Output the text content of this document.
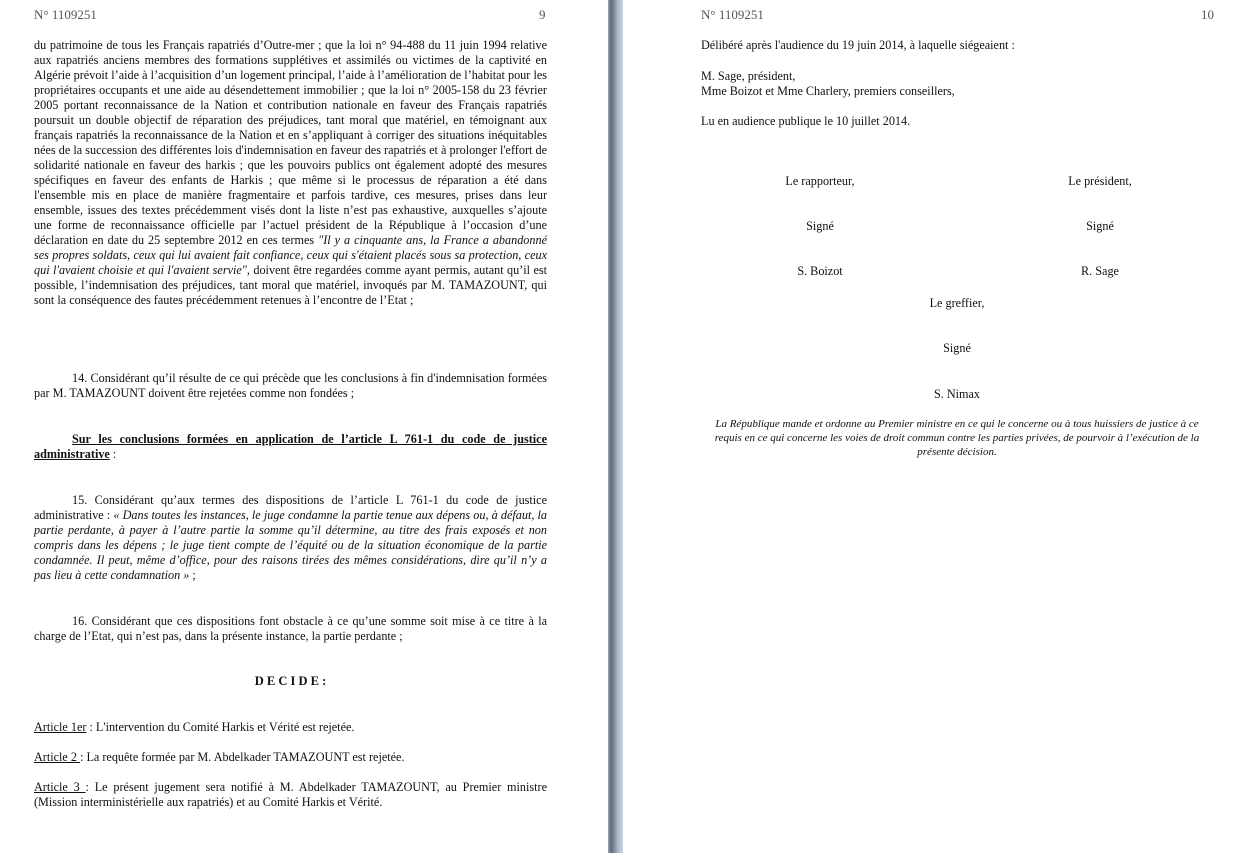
N° 1109251	9
du patrimoine de tous les Français rapatriés d’Outre-mer ; que la loi n° 94-488 du 11 juin 1994 relative aux rapatriés anciens membres des formations supplétives et assimilés ou victimes de la captivité en Algérie prévoit l’aide à l’acquisition d’un logement principal, l’aide à l’amélioration de l’habitat pour les propriétaires occupants et une aide au désendettement immobilier ; que la loi n° 2005-158 du 23 février 2005 portant reconnaissance de la Nation et contribution nationale en faveur des Français rapatriés poursuit un double objectif de réparation des préjudices, tant moral que matériel, en témoignant aux français rapatriés la reconnaissance de la Nation et en s’appliquant à corriger des situations inéquitables nées de la succession des différentes lois d'indemnisation en faveur des rapatriés et à prolonger l'effort de solidarité nationale en faveur des harkis ; que les pouvoirs publics ont également adopté des mesures spécifiques en faveur des enfants de Harkis ; que même si le processus de réparation a été dans l'ensemble mis en place de manière fragmentaire et parfois tardive, ces mesures, prises dans leur ensemble, issues des textes précédemment visés dont la liste n’est pas exhaustive, auxquelles s’ajoute une forme de reconnaissance officielle par l’actuel président de la République à l’occasion d’une déclaration en date du 25 septembre 2012 en ces termes "Il y a cinquante ans, la France a abandonné ses propres soldats, ceux qui lui avaient fait confiance, ceux qui s'étaient placés sous sa protection, ceux qui l'avaient choisie et qui l'avaient servie", doivent être regardées comme ayant permis, autant qu’il est possible, l’indemnisation des préjudices, tant moral que matériel, invoqués par M. TAMAZOUNT, qui sont la conséquence des fautes précédemment retenues à l’encontre de l’Etat ;
14. Considérant qu’il résulte de ce qui précède que les conclusions à fin d'indemnisation formées par M. TAMAZOUNT doivent être rejetées comme non fondées ;
Sur les conclusions formées en application de l’article L 761-1 du code de justice administrative :
15. Considérant qu’aux termes des dispositions de l’article L 761-1 du code de justice administrative : « Dans toutes les instances, le juge condamne la partie tenue aux dépens ou, à défaut, la partie perdante, à payer à l’autre partie la somme qu’il détermine, au titre des frais exposés et non compris dans les dépens ; le juge tient compte de l’équité ou de la situation économique de la partie condamnée. Il peut, même d’office, pour des raisons tirées des mêmes considérations, dire qu’il n’y a pas lieu à cette condamnation » ;
16. Considérant que ces dispositions font obstacle à ce qu’une somme soit mise à ce titre à la charge de l’Etat, qui n’est pas, dans la présente instance, la partie perdante ;
D E C I D E :
Article 1er : L'intervention du Comité Harkis et Vérité est rejetée.
Article 2 : La requête formée par M. Abdelkader TAMAZOUNT est rejetée.
Article 3 : Le présent jugement sera notifié à M. Abdelkader TAMAZOUNT, au Premier ministre (Mission interministérielle aux rapatriés) et au Comité Harkis et Vérité.
N° 1109251	10
Délibéré après l'audience du 19 juin 2014, à laquelle siégeaient :
M. Sage, président,
Mme Boizot et Mme Charlery, premiers conseillers,
Lu en audience publique le 10 juillet 2014.
Le rapporteur,
Signé
S. Boizot
Le président,
Signé
R. Sage
Le greffier,
Signé
S. Nimax
La République mande et ordonne au Premier ministre en ce qui le concerne ou à tous huissiers de justice à ce requis en ce qui concerne les voies de droit commun contre les parties privées, de pourvoir à l’exécution de la présente décision.
